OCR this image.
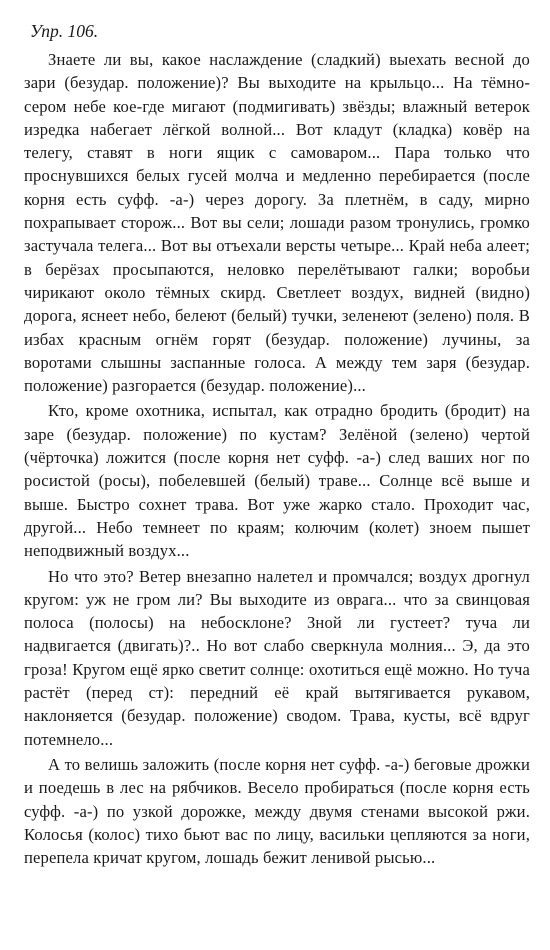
Упр. 106.

Знаете ли вы, какое наслаждение (сладкий) выехать весной до зари (безудар. положение)? Вы выходите на крыльцо... На тёмно-сером небе кое-где мигают (подмигивать) звёзды; влажный ветерок изредка набегает лёгкой волной... Вот кладут (кладка) ковёр на телегу, ставят в ноги ящик с самоваром... Пара только что проснувшихся белых гусей молча и медленно перебирается (после корня есть суфф. -а-) через дорогу. За плетнём, в саду, мирно похрапывает сторож... Вот вы сели; лошади разом тронулись, громко застучала телега... Вот вы отъехали версты четыре... Край неба алеет; в берёзах просыпаются, неловко перелётывают галки; воробьи чирикают около тёмных скирд. Светлеет воздух, видней (видно) дорога, яснеет небо, белеют (белый) тучки, зеленеют (зелено) поля. В избах красным огнём горят (безудар. положение) лучины, за воротами слышны заспанные голоса. А между тем заря (безудар. положение) разгорается (безудар. положение)...

Кто, кроме охотника, испытал, как отрадно бродить (бродит) на заре (безудар. положение) по кустам? Зелёной (зелено) чертой (чёрточка) ложится (после корня нет суфф. -а-) след ваших ног по росистой (росы), побелевшей (белый) траве... Солнце всё выше и выше. Быстро сохнет трава. Вот уже жарко стало. Проходит час, другой... Небо темнеет по краям; колючим (колет) зноем пышет неподвижный воздух...

Но что это? Ветер внезапно налетел и промчался; воздух дрогнул кругом: уж не гром ли? Вы выходите из оврага... что за свинцовая полоса (полосы) на небосклоне? Зной ли густеет? туча ли надвигается (двигать)?.. Но вот слабо сверкнула молния... Э, да это гроза! Кругом ещё ярко светит солнце: охотиться ещё можно. Но туча растёт (перед ст): передний её край вытягивается рукавом, наклоняется (безудар. положение) сводом. Трава, кусты, всё вдруг потемнело...

А то велишь заложить (после корня нет суфф. -а-) беговые дрожки и поедешь в лес на рябчиков. Весело пробираться (после корня есть суфф. -а-) по узкой дорожке, между двумя стенами высокой ржи. Колосья (колос) тихо бьют вас по лицу, васильки цепляются за ноги, перепела кричат кругом, лошадь бежит ленивой рысью...
